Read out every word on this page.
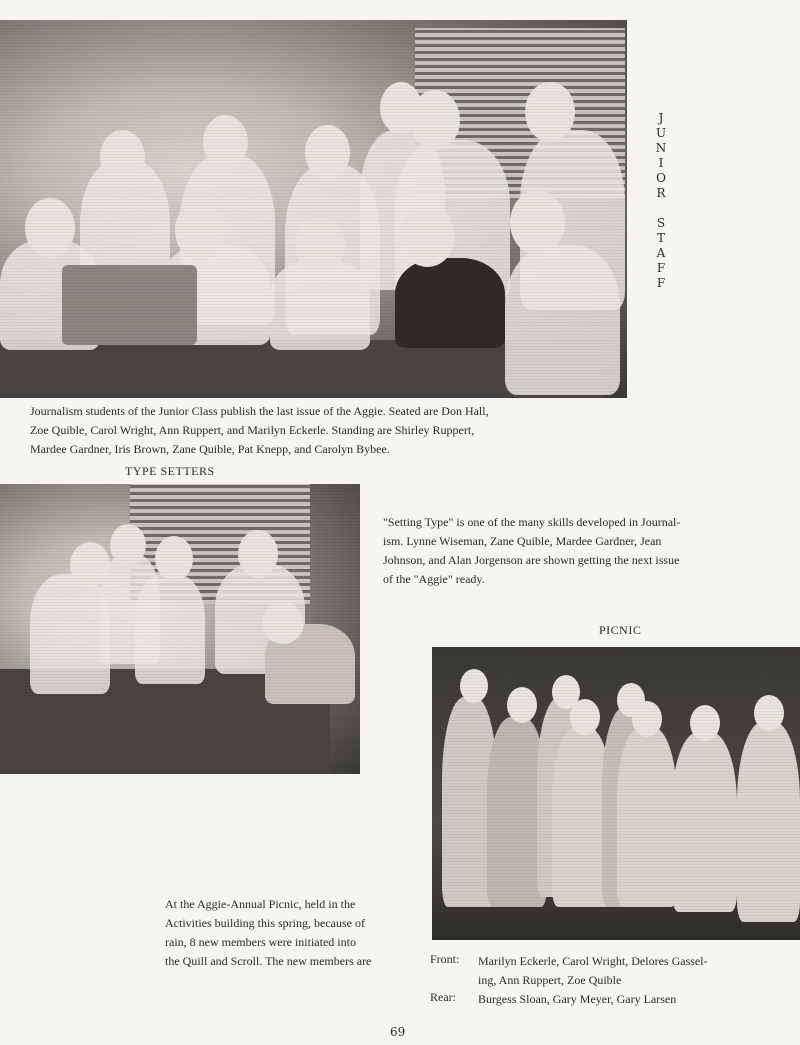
J
U
N
I
O
R
S
T
A
F
F
Journalism students of the Junior Class publish the last issue of the Aggie. Seated are Don Hall,
Zoe Quible, Carol Wright, Ann Ruppert, and Marilyn Eckerle. Standing are Shirley Ruppert,
Mardee Gardner, Iris Brown, Zane Quible, Pat Knepp, and Carolyn Bybee.
TYPE SETTERS
"Setting Type" is one of the many skills developed in Journal-
ism. Lynne Wiseman, Zane Quible, Mardee Gardner, Jean
Johnson, and Alan Jorgenson are shown getting the next issue
of the "Aggie" ready.
PICNIC
At the Aggie-Annual Picnic, held in the
Activities building this spring, because of
rain, 8 new members were initiated into
the Quill and Scroll. The new members are	Front: Marilyn Eckerle, Carol Wright, Delores Gassel-
ing, Ann Ruppert, Zoe Quible
Rear: Burgess Sloan, Gary Meyer, Gary Larsen
69
